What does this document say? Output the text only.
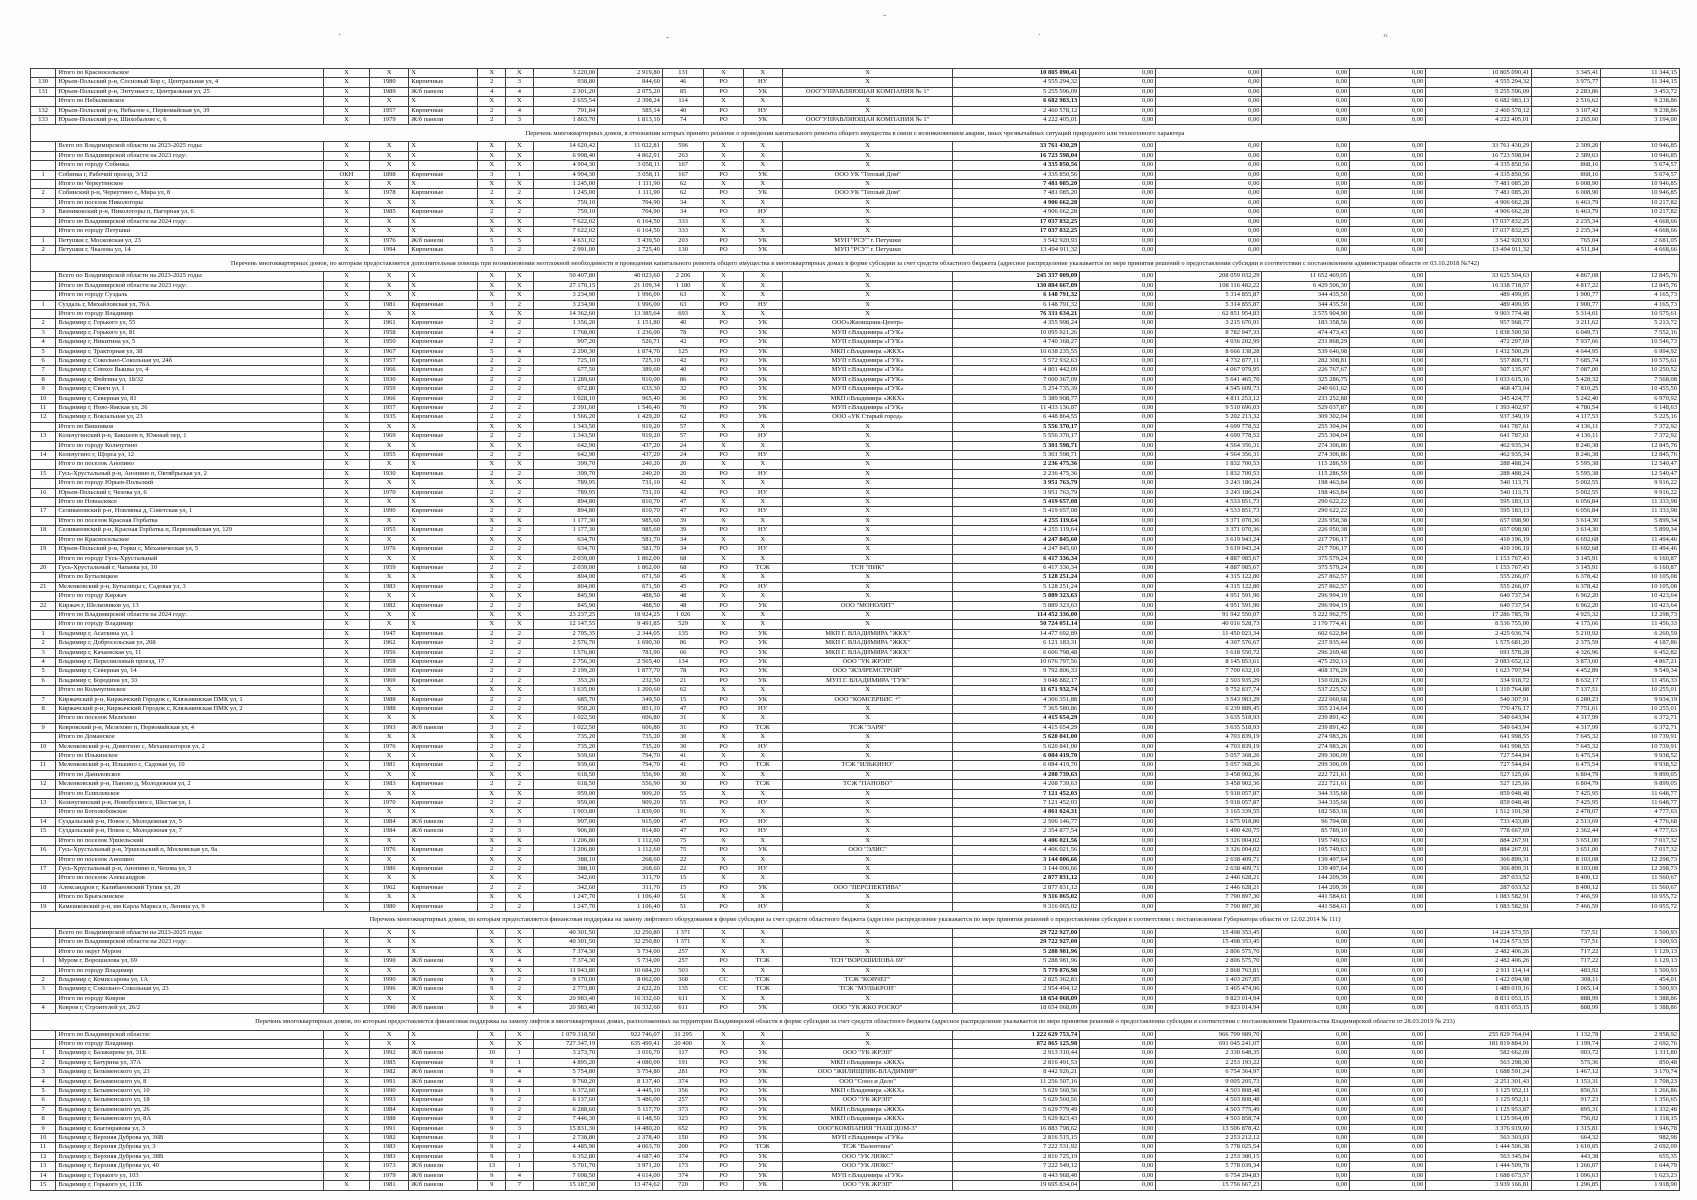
·	-	·	«
-
	Итого по Красносельское	X	X	X	X	X	3 220,00	2 919,80	131	X	X	X	10 805 090,41	0,00	0,00	0,00	0,00	10 805 090,41	3 345,41	11 344,15
130	Юрьев-Польский р-н, Сосновый Бор с, Центральная ул, 4	X	1980	Кирпичные	2	3	938,80	844,60	46	РО	НУ	X	4 555 294,32	0,00	0,00	0,00	0,00	4 555 294,32	3 975,77	11 344,15
131	Юрьев-Польский р-н, Энтузиаст с, Центральная ул, 25	X	1989	Ж/б панели	4	4	2 301,20	2 075,20	85	РО	УК	ООО"УПРАВЛЯЮЩАЯ КОМПАНИЯ № 1"	5 255 596,09	0,00	0,00	0,00	0,00	5 255 596,09	2 283,86	3 453,72
	Итого по Небылковское	X	X	X	X	X	2 655,54	2 398,24	114	X	X	X	6 682 983,13	0,00	0,00	0,00	0,00	6 682 983,13	2 516,62	9 238,86
132	Юрьев-Польский р-н, Небылое с, Первомайская ул, 39	X	1957	Кирпичные	2	4	791,84	585,14	40	РО	НУ	X	2 460 578,12	0,00	0,00	0,00	0,00	2 460 578,12	3 107,42	9 238,86
133	Юрьев-Польский р-н, Шихобалово с, 6	X	1979	Ж/б панели	2	3	1 863,70	1 813,10	74	РО	УК	ООО"УПРАВЛЯЮЩАЯ КОМПАНИЯ № 1"	4 222 405,01	0,00	0,00	0,00	0,00	4 222 405,01	2 265,60	3 194,00
Перечень многоквартирных домов, в отношении которых принято решение о проведении капитального ремонта общего имущества в связи с возникновением аварии, иных чрезвычайных ситуаций природного или техногенного характера																				
	Всего по Владимирской области на 2023-2025 годы:	X	X	X	X	X	14 620,42	11 022,81	596	X	X	X	33 761 430,29	0,00	0,00	0,00	0,00	33 761 430,29	2 309,20	10 946,85
	Итого по Владимирской области на 2023 году:	X	X	X	X	X	6 998,40	4 862,91	263	X	X	X	16 723 598,04	0,00	0,00	0,00	0,00	16 723 598,04	2 389,63	10 946,85
	Итого по городу Собинка	X	X	X	X	X	4 994,30	3 058,11	167	X	X	X	4 335 850,56	0,00	0,00	0,00	0,00	4 335 850,56	868,16	5 674,57
1	Собинка г, Рабочий проезд, 3/12	ОКН	1898	Кирпичные	3	1	4 994,30	3 058,11	167	РО	УК	ООО УК "Теплый Дом"	4 335 850,56	0,00	0,00	0,00	0,00	4 335 850,56	868,16	5 674,57
	Итого по Черкутинское	X	X	X	X	X	1 245,00	1 111,90	62	X	X	X	7 481 085,20	0,00	0,00	0,00	0,00	7 481 085,20	6 008,90	10 946,85
2	Собинский р-н, Черкутино с, Мира ул, 8	X	1978	Кирпичные	2	2	1 245,00	1 111,90	62	РО	УК	ООО УК "Теплый Дом"	7 481 085,20	0,00	0,00	0,00	0,00	7 481 085,20	6 008,90	10 946,85
	Итого по поселок Никологоры	X	X	X	X	X	759,10	704,90	34	X	X	X	4 906 662,28	0,00	0,00	0,00	0,00	4 906 662,28	6 463,79	10 217,82
3	Вязниковский р-н, Никологоры п, Нагорная ул, 6	X	1985	Кирпичные	2	2	759,10	704,90	34	РО	НУ	X	4 906 662,28	0,00	0,00	0,00	0,00	4 906 662,28	6 463,79	10 217,82
	Итого по Владимирской области на 2024 году:	X	X	X	X	X	7 622,02	6 164,50	333	X	X	X	17 037 832,25	0,00	0,00	0,00	0,00	17 037 832,25	2 235,34	4 668,66
	Итого по городу Петушки	X	X	X	X	X	7 622,02	6 164,50	333	X	X	X	17 037 832,25	0,00	0,00	0,00	0,00	17 037 832,25	2 235,34	4 668,66
1	Петушки г, Московская ул, 23	X	1976	Ж/б панели	5	5	4 631,02	3 439,50	203	РО	УК	МУП "РСУ" г. Петушки	3 542 920,93	0,00	0,00	0,00	0,00	3 542 920,93	765,04	2 681,05
2	Петушки г, Чкалова ул, 14	X	1994	Кирпичные	5	2	2 991,00	2 725,40	130	РО	УК	МУП "РСУ" г. Петушки	13 494 911,32	0,00	0,00	0,00	0,00	13 494 911,32	4 511,84	4 668,66
Перечень многоквартирных домов, по которым предоставляется дополнительная помощь при возникновении неотложной необходимости в проведении капитального ремонта общего имущества в многоквартирных домах в форме субсидии за счет средств областного бюджета (адресное распределение указывается по мере принятия решений о предоставлении субсидии в соответствии с постановлением администрации области от 03.10.2018 №742)																				
	Всего по Владимирской области на 2023-2025 годы:	X	X	X	X	X	50 407,80	40 023,60	2 206	X	X	X	245 337 009,09	0,00	208 059 032,29	11 652 469,05	0,00	33 625 504,63	4 867,08	12 845,76
	Итого по Владимирской области на 2023 году:	X	X	X	X	X	27 170,15	21 109,34	1 180	X	X	X	130 884 667,09	0,00	108 116 482,22	6 429 506,30	0,00	16 338 718,57	4 817,22	12 845,76
	Итого по городу Суздаль	X	X	X	X	X	3 234,90	1 996,00	63	X	X	X	6 148 791,32	0,00	5 314 855,87	344 435,50	0,00	489 499,95	1 900,77	4 165,73
1	Суздаль г, Михайловская ул, 76А	X	1981	Кирпичные	3	2	3 234,90	1 996,00	63	РО	НУ	X	6 148 791,32	0,00	5 314 855,87	344 435,50	0,00	489 499,95	1 900,77	4 165,73
	Итого по городу Владимир	X	X	X	X	X	14 362,60	13 385,64	693	X	X	X	76 331 634,21	0,00	62 851 954,83	3 575 904,90	0,00	9 903 774,48	5 314,61	10 575,61
2	Владимир г, Горького ул, 55	X	1961	Кирпичные	2	2	1 356,20	1 151,80	40	РО	УК	ООО«Жилищник-Центр»	4 355 998,24	0,00	3 215 670,91	183 358,56	0,00	957 968,77	3 211,62	5 213,72
3	Владимир г, Горького ул, 81	X	1958	Кирпичные	4	2	1 768,00	1 236,00	78	РО	УК	МУП г.Владимира «ГУК»	10 095 921,26	0,00	8 782 947,33	474 473,43	0,00	1 838 500,50	6 049,73	7 552,16
4	Владимир г, Никитина ул, 5	X	1950	Кирпичные	2	2	997,20	526,71	42	РО	УК	МУП г.Владимира «ГУК»	4 740 368,27	0,00	4 036 202,99	231 868,29	0,00	472 297,69	7 937,66	10 546,73
5	Владимир г, Тракторная ул, 38	X	1967	Кирпичные	5	4	2 290,30	1 874,70	125	РО	УК	МКП г.Владимира «ЖКХ»	10 638 235,55	0,00	8 666 138,28	539 646,98	0,00	1 432 500,29	4 644,95	6 994,92
6	Владимир г, Сокольно-Сокольная ул, 24б	X	1957	Кирпичные	2	2	725,10	725,10	42	РО	УК	МУП г.Владимира «ГУК»	5 572 932,63	0,00	4 732 877,11	282 308,81	0,00	557 806,71	7 685,74	10 575,61
7	Владимир г, Совхоз Вышка ул, 4	X	1966	Кирпичные	2	2	677,50	389,60	40	РО	УК	МУП г.Владимира «ГУК»	4 801 442,09	0,00	4 067 979,95	226 767,67	0,00	507 135,97	7 087,00	10 250,52
8	Владимир г, Фейгина ул, 18/32	X	1930	Кирпичные	2	2	1 289,60	910,00	86	РО	УК	МУП г.Владимира «ГУК»	7 000 367,09	0,00	5 641 465,70	325 286,75	0,00	1 033 615,16	5 428,32	7 568,08
9	Владимир г, Свиги ул, 1	X	1959	Кирпичные	2	2	672,80	633,30	32	РО	УК	МУП г.Владимира «ГУК»	5 254 735,39	0,00	4 545 609,73	240 661,62	0,00	468 473,04	7 810,25	10 455,50
10	Владимир г, Северная ул, 81	X	1966	Кирпичные	2	2	1 028,10	965,40	36	РО	УК	МКП г.Владимира «ЖКХ»	5 389 908,77	0,00	4 811 253,12	233 252,88	0,00	345 424,77	5 242,40	6 970,92
11	Владимир г, Ново-Ямская ул, 26	X	1957	Кирпичные	2	2	2 391,60	1 546,40	70	РО	УК	МУП г.Владимира «ГУК»	11 433 136,87	0,00	9 510 696,03	529 037,87	0,00	1 393 402,97	4 780,54	6 148,63
12	Владимир г, Вокзальная ул, 23	X	1935	Кирпичные	2	2	1 566,20	1 429,20	62	РО	УК	ООО «УК Старый город»	6 448 864,55	0,00	5 202 213,32	309 302,04	0,00	937 349,19	4 117,53	5 225,16
	Итого по Вишняков	X	X	X	X	X	1 343,50	919,20	57	X	X	X	5 556 370,17	0,00	4 699 778,52	255 304,04	0,00	641 787,61	4 136,11	7 372,92
13	Кольчугинский р-н, Бакшеев п, Южный пер, 1	X	1969	Кирпичные	2	2	1 343,50	919,20	57	РО	НУ	X	5 556 370,17	0,00	4 699 778,52	255 304,04	0,00	641 787,61	4 136,11	7 372,92
	Итого по городу Кольчугино	X	X	X	X	X	642,90	437,20	24	X	X	X	5 301 598,71	0,00	4 564 356,31	274 306,86	0,00	462 935,34	8 246,38	12 845,76
14	Кольчугино г, Щорса ул, 12	X	1955	Кирпичные	2	2	642,90	437,20	24	РО	НУ	X	5 301 598,71	0,00	4 564 356,31	274 306,86	0,00	462 935,34	8 246,38	12 845,76
	Итого по поселок Анопино	X	X	X	X	X	399,70	240,20	20	X	X	X	2 236 475,36	0,00	1 832 700,53	115 286,59	0,00	288 488,24	5 595,38	12 540,47
15	Гусь-Хрустальный р-н, Анопино п, Октябрьская ул, 2	X	1930	Кирпичные	2	2	399,70	240,20	20	РО	НУ	X	2 236 475,36	0,00	1 832 700,53	115 286,59	0,00	288 488,24	5 595,38	12 540,47
	Итого по городу Юрьев-Польский	X	X	X	X	X	789,95	731,10	42	X	X	X	3 951 763,79	0,00	3 243 186,24	198 463,84	0,00	540 113,71	5 002,55	9 916,22
16	Юрьев-Польский г, Чехова ул, 6	X	1970	Кирпичные	2	2	789,95	731,10	42	РО	НУ	X	3 951 763,79	0,00	3 243 186,24	198 463,84	0,00	540 113,71	5 002,55	9 916,22
	Итого по Новоалексе	X	X	X	X	X	894,80	810,70	47	X	X	X	5 419 657,08	0,00	4 533 851,73	290 622,22	0,00	595 183,13	6 056,84	11 333,98
17	Селивановский р-н, Новлянка д, Советская ул, 1	X	1990	Кирпичные	2	2	894,80	810,70	47	РО	НУ	X	5 419 657,08	0,00	4 533 851,73	290 622,22	0,00	595 183,13	6 056,84	11 333,98
	Итого по поселок Красная Горбатка	X	X	X	X	X	1 177,30	985,60	39	X	X	X	4 255 119,64	0,00	3 371 070,36	226 950,38	0,00	657 098,90	3 614,30	5 899,34
18	Селивановский р-н, Красная Горбатка п, Первомайская ул, 129	X	1955	Кирпичные	2	2	1 177,30	985,60	39	РО	НУ	X	4 255 119,64	0,00	3 371 070,36	226 950,38	0,00	657 098,90	3 614,30	5 899,34
	Итого по Красносельское	X	X	X	X	X	634,70	581,70	34	X	X	X	4 247 845,60	0,00	3 619 943,24	217 706,17	0,00	410 196,19	6 692,68	11 494,46
19	Юрьев-Польский р-н, Горки с, Механическая ул, 5	X	1976	Кирпичные	2	2	634,70	581,70	34	РО	НУ	X	4 247 845,60	0,00	3 619 943,24	217 706,17	0,00	410 196,19	6 692,68	11 494,46
	Итого по городу Гусь-Хрустальный	X	X	X	X	X	2 039,00	1 862,00	68	X	X	X	6 417 336,34	0,00	4 887 985,67	375 579,24	0,00	1 153 767,43	3 145,91	6 160,87
20	Гусь-Хрустальный г, Чапаева ул, 10	X	1959	Кирпичные	2	2	2 039,00	1 862,00	68	РО	ТСЖ	ТСН "ПИК"	6 417 336,34	0,00	4 887 985,67	375 579,24	0,00	1 153 767,43	3 145,91	6 160,87
	Итого по Бутылицкое	X	X	X	X	X	804,00	671,50	45	X	X	X	5 128 251,24	0,00	4 315 122,80	257 862,57	0,00	555 266,07	6 378,42	10 105,08
21	Меленковский р-н, Бутылицы с, Садовая ул, 3	X	1983	Кирпичные	2	2	804,00	671,50	45	РО	НУ	X	5 128 251,24	0,00	4 315 122,80	257 862,57	0,00	555 266,07	6 378,42	10 105,08
	Итого по городу Киржач	X	X	X	X	X	845,90	488,50	48	X	X	X	5 889 323,63	0,00	4 951 591,90	296 994,19	0,00	640 737,54	6 962,20	10 423,64
22	Киржач г, Шелковиков ул, 13	X	1982	Кирпичные	2	2	845,90	488,50	48	РО	УК	ООО "МОНОЛИТ"	5 889 323,63	0,00	4 951 591,90	296 994,19	0,00	640 737,54	6 962,20	10 423,64
	Итого по Владимирской области на 2024 году:	X	X	X	X	X	23 237,25	18 924,25	1 026	X	X	X	114 452 336,00	0,00	91 942 550,07	5 222 962,75	0,00	17 286 785,78	4 925,32	12 298,73
	Итого по городу Владимир	X	X	X	X	X	12 147,55	9 491,85	529	X	X	X	50 724 051,14	0,00	40 016 528,73	2 170 774,41	0,00	8 536 755,00	4 175,66	11 456,33
1	Владимир г, Асаткина ул, 1	X	1947	Кирпичные	2	2	2 795,35	2 344,05	135	РО	УК	МКП Г. ВЛАДИМИРА "ЖКХ"	14 477 692,89	0,00	11 450 023,34	602 622,84	0,00	2 425 036,74	5 210,92	6 260,59
2	Владимир г, Добросельская ул, 208	X	1962	Кирпичные	2	2	2 576,70	1 690,30	86	РО	УК	МКП Г. ВЛАДИМИРА "ЖКХ"	6 121 183,31	0,00	4 307 576,67	237 935,44	0,00	1 575 681,20	2 375,59	4 187,86
3	Владимир г, Качаевская ул, 11	X	1956	Кирпичные	2	2	1 576,80	781,90	66	РО	УК	МКП Г. ВЛАДИМИРА "ЖКХ"	6 606 798,48	0,00	5 618 550,72	296 269,48	0,00	691 578,28	4 326,96	6 452,82
4	Владимир г, Пересвиловый проезд, 17	X	1958	Кирпичные	2	2	2 756,30	2 565,40	134	РО	УК	ООО "УК ЖРЭП"	10 676 797,56	0,00	8 145 853,61	475 292,13	0,00	2 083 652,12	3 873,60	4 867,21
5	Владимир г, Северная ул, 14	X	1969	Кирпичные	2	2	2 199,20	1 877,70	78	РО	УК	ООО "ЖЭЛРЕМСТРОЙ"	9 792 806,33	0,00	7 700 632,10	408 376,29	0,00	1 623 797,94	4 452,89	9 549,34
6	Владимир г, Бородина ул, 33	X	1969	Кирпичные	2	2	353,20	232,50	21	РО	УК	МУП Г. ВЛАДИМИРА "ГУК"	3 048 882,17	0,00	2 503 935,29	150 028,26	0,00	334 918,72	8 632,17	11 456,33
	Итого по Кольчугинское	X	X	X	X	X	1 635,00	1 200,60	62	X	X	X	11 671 932,74	0,00	9 752 837,74	537 225,52	0,00	1 310 764,88	7 137,51	10 255,01
7	Киржачский р-н, Киржачский Городок с, Клязьминская ПМК ул, 1	X	1988	Кирпичные	2	2	685,70	349,50	15	РО	УК	ООО "КОМСЕРВИС +"	4 306 351,88	0,00	3 543 983,29	222 060,68	0,00	540 307,91	6 280,23	9 934,19
8	Киржачский р-н, Киржачский Городок с, Клязьминская ПМК ул, 2	X	1988	Кирпичные	2	2	950,20	851,10	47	РО	НУ	X	7 365 580,86	0,00	6 239 889,45	355 214,64	0,00	770 476,17	7 751,61	10 255,01
	Итого по поселок Мелехово	X	X	X	X	X	1 022,50	606,80	31	X	X	X	4 415 654,29	0,00	3 635 518,93	239 891,42	0,00	549 643,94	4 317,99	6 372,71
9	Ковровский р-н, Мелехово п, Первомайская ул, 4	X	1993	Ж/б панели	3	2	1 022,50	606,80	31	РО	ТСЖ	ТСЖ "ЗАРЯ"	4 415 654,29	0,00	3 635 518,93	239 891,42	0,00	549 643,94	4 317,99	6 372,71
	Итого по Доманское	X	X	X	X	X	735,20	735,20	30	X	X	X	5 620 841,00	0,00	4 703 839,19	274 983,26	0,00	641 998,55	7 645,32	10 739,91
10	Меленковский р-н, Домотино с, Механизаторов ул, 2	X	1976	Кирпичные	2	2	735,20	735,20	30	РО	НУ	X	5 620 841,00	0,00	4 703 839,19	274 983,26	0,00	641 998,55	7 645,32	10 739,91
	Итого по Илькинское	X	X	X	X	X	939,60	794,70	41	X	X	X	6 084 419,70	0,00	5 057 368,26	299 306,09	0,00	727 544,84	6 475,54	9 938,52
11	Меленковский р-н, Илькино с, Садовая ул, 10	X	1981	Кирпичные	2	2	939,60	794,70	41	РО	ТСЖ	ТСЖ "ИЛЬКИНО"	6 084 419,70	0,00	5 057 368,26	299 306,09	0,00	727 544,84	6 475,54	9 938,52
	Итого по Даниловское	X	X	X	X	X	618,50	556,90	30	X	X	X	4 208 739,63	0,00	3 458 902,36	222 721,61	0,00	527 125,66	6 804,79	9 899,05
12	Меленковский р-н, Паново д, Молодежная ул, 2	X	1983	Кирпичные	2	2	618,50	556,90	30	РО	ТСЖ	ТСЖ "ПАНОВО"	4 208 739,63	0,00	3 458 902,36	222 721,61	0,00	527 125,66	6 804,79	9 899,05
	Итого по Есиплевское	X	X	X	X	X	959,00	909,20	55	X	X	X	7 121 452,03	0,00	5 918 057,87	344 335,68	0,00	859 048,48	7 425,95	11 648,77
13	Кольчугинский р-н, Новобусино с, Шестая ул, 1	X	1970	Кирпичные	2	2	959,00	909,20	55	РО	НУ	X	7 121 452,03	0,00	5 918 057,87	344 335,68	0,00	859 048,48	7 425,95	11 648,77
	Итого по Боголюбовское	X	X	X	X	X	1 903,80	1 839,00	91	X	X	X	4 861 024,31	0,00	3 165 339,55	182 583,18	0,00	1 512 101,58	2 478,07	4 777,63
14	Суздальский р-н, Новое с, Молодежная ул, 5	X	1984	Ж/б панели	2	3	997,00	915,00	47	РО	НУ	X	2 506 146,77	0,00	1 675 918,80	96 794,08	0,00	733 433,89	2 513,69	4 776,68
15	Суздальский р-н, Новое с, Молодежная ул, 7	X	1984	Ж/б панели	2	3	906,80	914,80	47	РО	НУ	X	2 354 877,54	0,00	1 490 420,75	85 789,10	0,00	778 667,69	2 362,44	4 777,63
	Итого по поселок Уршельский	X	X	X	X	X	1 206,80	1 112,60	75	X	X	X	4 406 021,56	0,00	3 326 004,02	195 749,63	0,00	884 267,91	3 651,00	7 017,32
16	Гусь-Хрустальный р-н, Уршельский п, Московская ул, 9а	X	1976	Кирпичные	2	2	1 206,80	1 112,60	75	РО	УК	ООО "ЭЛИС"	4 406 021,56	0,00	3 326 004,02	195 749,63	0,00	884 267,91	3 651,00	7 017,32
	Итого по поселок Анопино	X	X	X	X	X	388,10	268,60	22	X	X	X	3 144 006,66	0,00	2 638 409,71	139 497,64	0,00	366 899,31	8 103,08	12 298,73
17	Гусь-Хрустальный р-н, Анопино п, Чехова ул, 3	X	1986	Кирпичные	2	2	388,10	268,60	22	РО	НУ	X	3 144 006,66	0,00	2 638 409,71	139 497,64	0,00	366 899,31	8 103,08	12 298,73
	Итого по поселок Александров	X	X	X	X	X	342,60	311,70	15	X	X	X	2 877 831,12	0,00	2 446 628,21	144 209,39	0,00	287 033,52	8 400,12	11 560,67
18	Александров г, Калибановский Тупик ул, 20	X	1962	Кирпичные	2	2	342,60	311,70	15	РО	УК	ООО "ПЕРСПЕКТИВА"	2 877 831,12	0,00	2 446 628,21	144 209,39	0,00	287 033,52	8 400,12	11 560,67
	Итого по Брыгалинское	X	X	X	X	X	1 247,70	1 106,40	51	X	X	X	9 316 065,02	0,00	7 790 897,30	441 584,61	0,00	1 083 582,91	7 466,59	10 955,72
19	Камешковский р-н, им Карла Маркса п, Ленина ул, 9	X	1980	Кирпичные	2	2	1 247,70	1 106,40	51	РО	НУ	X	9 316 065,02	0,00	7 790 897,30	441 584,61	0,00	1 083 582,91	7 466,59	10 955,72
Перечень многоквартирных домов, по которым предоставляется финансовая поддержка на замену лифтового оборудования в форме субсидии за счет средств областного бюджета (адресное распределение указывается по мере принятия решений о предоставлении субсидии в соответствии с постановлением Губернатора области от 12.02.2014 № 111)																				
	Всего по Владимирской области на 2023-2025 годы:	X	X	X	X	X	40 301,50	32 250,80	1 371	X	X	X	29 722 927,00	0,00	15 498 353,45	0,00	0,00	14 224 573,55	737,51	1 500,93
	Итого по Владимирской области на 2023 году:	X	X	X	X	X	40 301,50	32 250,80	1 371	X	X	X	29 722 927,00	0,00	15 498 353,45	0,00	0,00	14 224 573,55	737,51	1 500,93
	Итого по округ Муром	X	X	X	X	X	7 374,30	5 734,00	257	X	X	X	5 288 981,96	0,00	2 806 575,70	0,00	0,00	2 482 406,26	717,22	1 129,13
1	Муром г, Ворошилова ул, 69	X	1990	Ж/б панели	9	4	7 374,30	5 734,00	257	РО	ТСЖ	ТСН "ВОРОШИЛОВА 69"	5 288 981,96	0,00	2 806 575,70	0,00	0,00	2 482 406,26	717,22	1 129,13
	Итого по городу Владимир	X	X	X	X	X	11 943,80	10 684,20	503	X	X	X	5 779 876,98	0,00	2 868 763,81	0,00	0,00	2 911 114,14	483,92	1 500,93
2	Владимир г, Комиссарова ул, 1А	X	1990	Ж/б панели	9	2	9 170,00	8 062,00	368	СС	ТСЖ	ТСЖ "КОВЧЕГ"	2 825 362,83	0,00	1 403 267,85	0,00	0,00	1 422 094,98	308,11	454,01
3	Владимир г, Сокольно-Сокольная ул, 23	X	1996	Ж/б панели	9	2	2 773,80	2 622,20	135	СС	ТСЖ	ТСЖ "МУЛЬКРОН"	2 954 494,12	0,00	1 465 474,96	0,00	0,00	1 489 019,16	1 065,14	1 500,93
	Итого по городу Ковров	X	X	X	X	X	20 983,40	16 332,60	611	X	X	X	18 654 068,09	0,00	9 823 014,94	0,00	0,00	8 831 053,15	888,99	1 388,86
4	Ковров г, Строителей ул, 26/2	X	1996	Ж/б панели	9	4	20 983,40	16 332,60	611	РО	УК	ООО "УК ЖКО РОСКО"	18 654 068,09	0,00	9 823 014,94	0,00	0,00	8 831 053,15	888,99	1 388,86
Перечень многоквартирных домов, по которым предоставляется финансовая поддержка на замену лифтов в многоквартирных домах, расположенных на территории Владимирской области в форме субсидии за счет средств областного бюджета (адресное распределение указывается по мере принятия решений о предоставлении субсидии в соответствии с постановлением Правительства Владимирской области от 28.03.2019 № 233)																				
	Итого по Владимирской области:	X	X	X	X	X	1 079 318,50	922 746,07	31 295	X	X	X	1 222 629 753,74	0,00	966 799 989,70	0,00	0,00	255 829 764,04	1 132,78	2 958,92
	Итого по городу Владимир	X	X	X	X	X	727 347,19	635 499,41	20 400	X	X	X	872 865 125,98	0,00	691 045 241,07	0,00	0,00	181 819 884,91	1 199,74	2 692,76
1	Владимир г, Балакирева ул, 31Б	X	1992	Ж/б панели	10	1	3 273,70	3 016,70	117	РО	УК	ООО "УК ЖРЭП"	2 913 310,44	0,00	2 330 648,35	0,00	0,00	582 662,09	903,72	1 311,80
2	Владимир г, Батурина ул, 37А	X	1985	Кирпичные	9	1	4 895,20	4 080,00	191	РО	УК	МКП г.Владимира «ЖКХ»	2 816 491,53	0,00	2 253 193,22	0,00	0,00	563 298,30	575,36	850,48
3	Владимир г, Безыменского ул, 23	X	1982	Ж/б панели	9	4	5 754,80	5 754,80	281	РО	УК	ООО "ЖИЛИЩНИК-ВЛАДИМИР"	8 442 926,21	0,00	6 754 364,97	0,00	0,00	1 688 591,24	1 467,12	3 170,74
4	Владимир г, Безыменского ул, 8	X	1991	Ж/б панели	9	4	9 760,20	8 137,40	374	РО	УК	ООО "Союз и Дело"	11 256 507,16	0,00	9 005 205,73	0,00	0,00	2 251 301,43	1 153,31	1 708,23
5	Владимир г, Безыменского ул, 10	X	1990	Кирпичные	9	1	6 372,60	4 445,10	356	РО	УК	МКП г.Владимира «ЖКХ»	5 629 560,56	0,00	4 503 808,48	0,00	0,00	1 125 952,11	856,51	1 266,86
6	Владимир г, Безыменского ул, 18	X	1993	Кирпичные	9	2	6 137,60	5 486,00	257	РО	УК	ООО "УК ЖРЭП"	5 629 560,56	0,00	4 503 808,48	0,00	0,00	1 125 952,11	917,23	1 356,65
7	Владимир г, Безыменского ул, 26	X	1984	Кирпичные	9	2	6 288,60	5 117,70	373	РО	УК	МКП г.Владимира «ЖКХ»	5 629 779,49	0,00	4 503 775,49	0,00	0,00	1 125 953,87	895,31	1 332,48
8	Владимир г, Безыменского ул, 8А	X	1988	Кирпичные	9	2	7 446,30	6 148,50	323	РО	УК	МКП г.Владимира «ЖКХ»	5 629 823,43	0,00	4 503 858,74	0,00	0,00	1 125 964,09	756,02	1 118,15
9	Владимир г, Благонравова ул, 3	X	1991	Кирпичные	9	3	15 831,30	14 480,20	652	РО	УК	ООО"КОМПАНИЯ "НАШ ДОМ-3"	16 883 798,62	0,00	13 506 878,42	0,00	0,00	3 376 919,60	1 315,81	1 946,78
10	Владимир г, Верхняя Дуброва ул, 36В	X	1982	Кирпичные	9	1	2 738,80	2 378,40	150	РО	УК	МУП г.Владимира «ГУК»	2 816 515,15	0,00	2 253 212,12	0,00	0,00	563 303,03	664,32	982,98
11	Владимир г, Верхняя Дуброва ул, 3	X	1983	Кирпичные	9	2	4 485,90	4 063,70	200	РО	ТСЖ	ТСЖ "Валентина"	7 222 531,92	0,00	5 778 025,54	0,00	0,00	1 444 506,38	1 610,05	2 692,09
12	Владимир г, Верхняя Дуброва ул, 38В	X	1983	Кирпичные	9	1	6 352,80	4 687,40	374	РО	УК	ООО "УК ЛЮКС"	2 816 725,19	0,00	2 253 380,15	0,00	0,00	563 345,04	443,38	655,35
13	Владимир г, Верхняя Дуброва ул, 40	X	1973	Ж/б панели	13	1	5 701,70	3 971,20	173	РО	УК	ООО "УК ЛЮКС"	7 222 549,12	0,00	5 778 039,34	0,00	0,00	1 444 509,78	1 266,07	1 644,79
14	Владимир г, Горького ул, 103	X	1979	Ж/б панели	9	4	7 698,50	4 614,00	374	РО	УК	МУП г.Владимира «ГУК»	8 443 968,40	0,00	6 754 294,83	0,00	0,00	1 688 673,57	1 096,63	1 623,23
15	Владимир г, Горького ул, 113Б	X	1981	Ж/б панели	9	7	15 187,30	13 474,62	720	РО	УК	ООО "УК ЖРЭП"	19 695 834,04	0,00	15 756 667,23	0,00	0,00	3 939 166,81	1 296,85	1 918,90
